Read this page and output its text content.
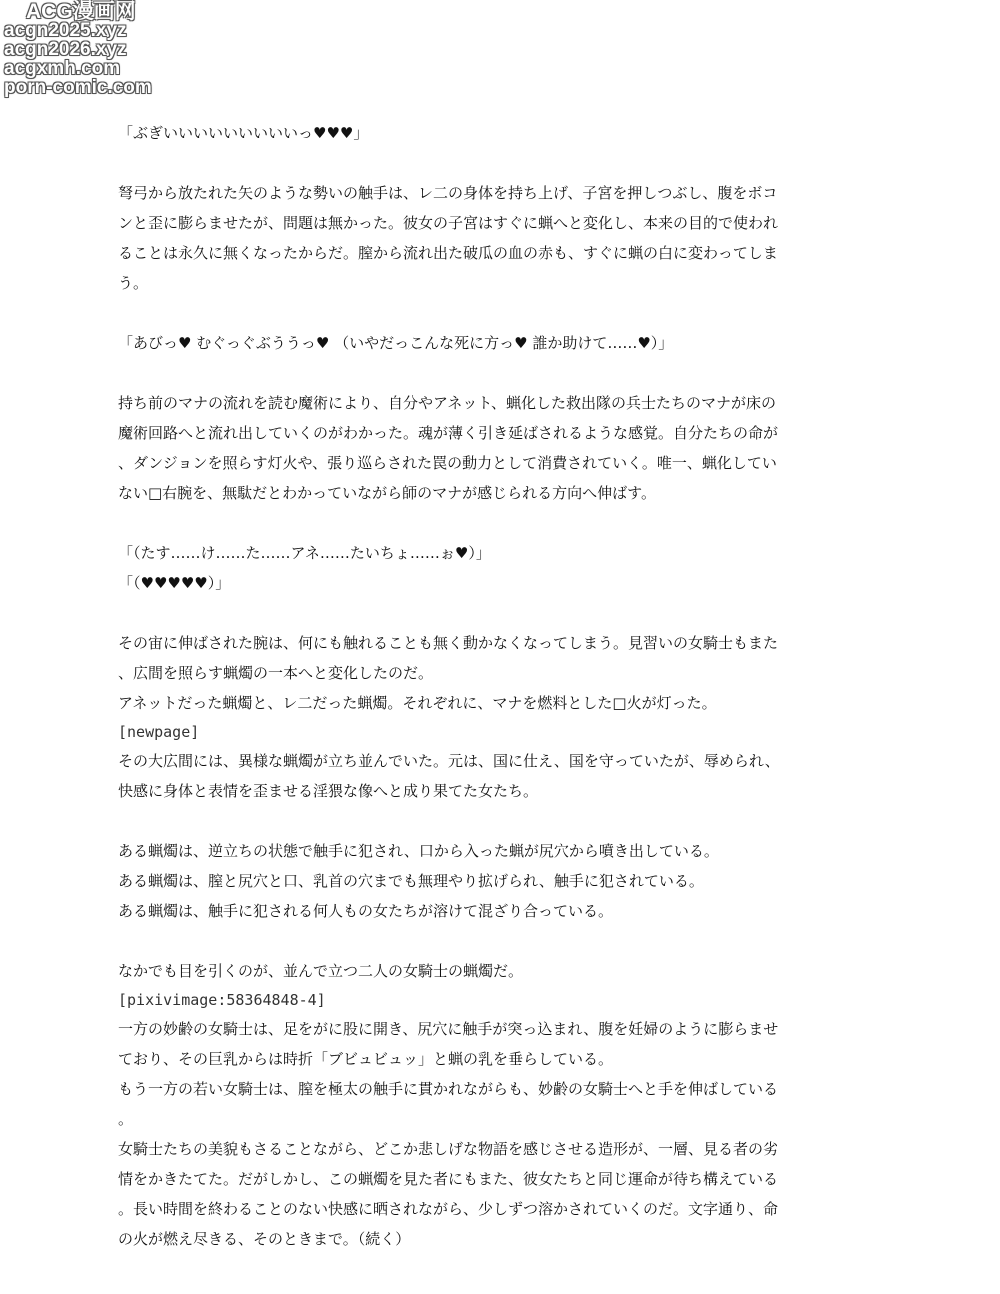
ACG漫画网
acgn2025.xyz
acgn2026.xyz
acgxmh.com
porn-comic.com
「ぶぎいいいいいいいいいっ♥♥♥」
弩弓から放たれた矢のような勢いの触手は、レ二の身体を持ち上げ、子宮を押しつぶし、腹をボコ
ンと歪に膨らませたが、問題は無かった。彼女の子宮はすぐに蝋へと変化し、本来の目的で使われ
ることは永久に無くなったからだ。膣から流れ出た破瓜の血の赤も、すぐに蝋の白に変わってしま
う。
「あびっ♥ むぐっぐぶううっ♥ （いやだっこんな死に方っ♥ 誰か助けて……♥）」
持ち前のマナの流れを読む魔術により、自分やアネット、蝋化した救出隊の兵士たちのマナが床の
魔術回路へと流れ出していくのがわかった。魂が薄く引き延ばされるような感覚。自分たちの命が
、ダンジョンを照らす灯火や、張り巡らされた罠の動力として消費されていく。唯一、蝋化してい
ない□右腕を、無駄だとわかっていながら師のマナが感じられる方向へ伸ばす。
「（たす……け……た……アネ……たいちょ……ぉ♥）」
「（♥♥♥♥♥）」
その宙に伸ばされた腕は、何にも触れることも無く動かなくなってしまう。見習いの女騎士もまた
、広間を照らす蝋燭の一本へと変化したのだ。
アネットだった蝋燭と、レ二だった蝋燭。それぞれに、マナを燃料とした□火が灯った。
[newpage]
その大広間には、異様な蝋燭が立ち並んでいた。元は、国に仕え、国を守っていたが、辱められ、
快感に身体と表情を歪ませる淫猥な像へと成り果てた女たち。
ある蝋燭は、逆立ちの状態で触手に犯され、口から入った蝋が尻穴から噴き出している。
ある蝋燭は、膣と尻穴と口、乳首の穴までも無理やり拡げられ、触手に犯されている。
ある蝋燭は、触手に犯される何人もの女たちが溶けて混ざり合っている。
なかでも目を引くのが、並んで立つ二人の女騎士の蝋燭だ。
[pixivimage:58364848-4]
一方の妙齢の女騎士は、足をがに股に開き、尻穴に触手が突っ込まれ、腹を妊婦のように膨らませ
ており、その巨乳からは時折「ブビュビュッ」と蝋の乳を垂らしている。
もう一方の若い女騎士は、膣を極太の触手に貫かれながらも、妙齢の女騎士へと手を伸ばしている
。
女騎士たちの美貌もさることながら、どこか悲しげな物語を感じさせる造形が、一層、見る者の劣
情をかきたてた。だがしかし、この蝋燭を見た者にもまた、彼女たちと同じ運命が待ち構えている
。長い時間を終わることのない快感に晒されながら、少しずつ溶かされていくのだ。文字通り、命
の火が燃え尽きる、そのときまで。（続く）
